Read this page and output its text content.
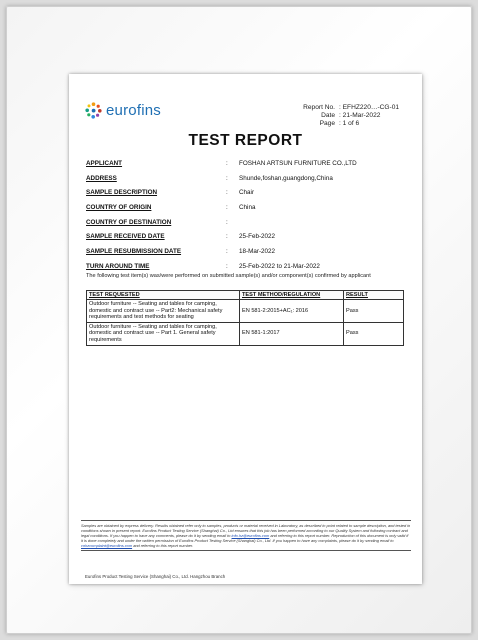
eurofins	Report No. : EFHZ220…-CG-01
Date : 21-Mar-2022
Page : 1 of 6
TEST REPORT
APPLICANT	:	FOSHAN ARTSUN FURNITURE CO.,LTD
ADDRESS	:	Shunde,foshan,guangdong,China
SAMPLE DESCRIPTION	:	Chair
COUNTRY OF ORIGIN	:	China
COUNTRY OF DESTINATION	:
SAMPLE RECEIVED DATE	:	25-Feb-2022
SAMPLE RESUBMISSION DATE	:	18-Mar-2022
TURN AROUND TIME	:	25-Feb-2022 to 21-Mar-2022
The following test item(s) was/were performed on submitted sample(s) and/or component(s) confirmed by applicant
TEST REQUESTED	TEST METHOD/REGULATION	RESULT
Outdoor furniture -- Seating and tables for camping, domestic and contract use -- Part2: Mechanical safety requirements and test methods for seating	EN 581-2:2015+AC₁: 2016	Pass
Outdoor furniture -- Seating and tables for camping, domestic and contract use -- Part 1. General safety requirements	EN 581-1:2017	Pass
Samples are obtained by express delivery. Results obtained refer only to samples, products or material received in Laboratory, as described in point related to sample description, and tested in conditions shown in present report. Eurofins Product Testing Service (Shanghai) Co., Ltd ensures that this job has been performed according to our Quality System and following contract and legal conditions. If you happen to have any comments, please do it by sending email to info.hz@eurofins.com and referring to this report number. Reproduction of this document is only valid if it is done completely and under the written permission of Eurofins Product Testing Service (Shanghai) Co., Ltd. If you happen to have any complaints, please do it by sending email to cnhzcomplaint@eurofins.com and referring to this report number.
Eurofins Product Testing Service (Shanghai) Co., Ltd. Hangzhou Branch
